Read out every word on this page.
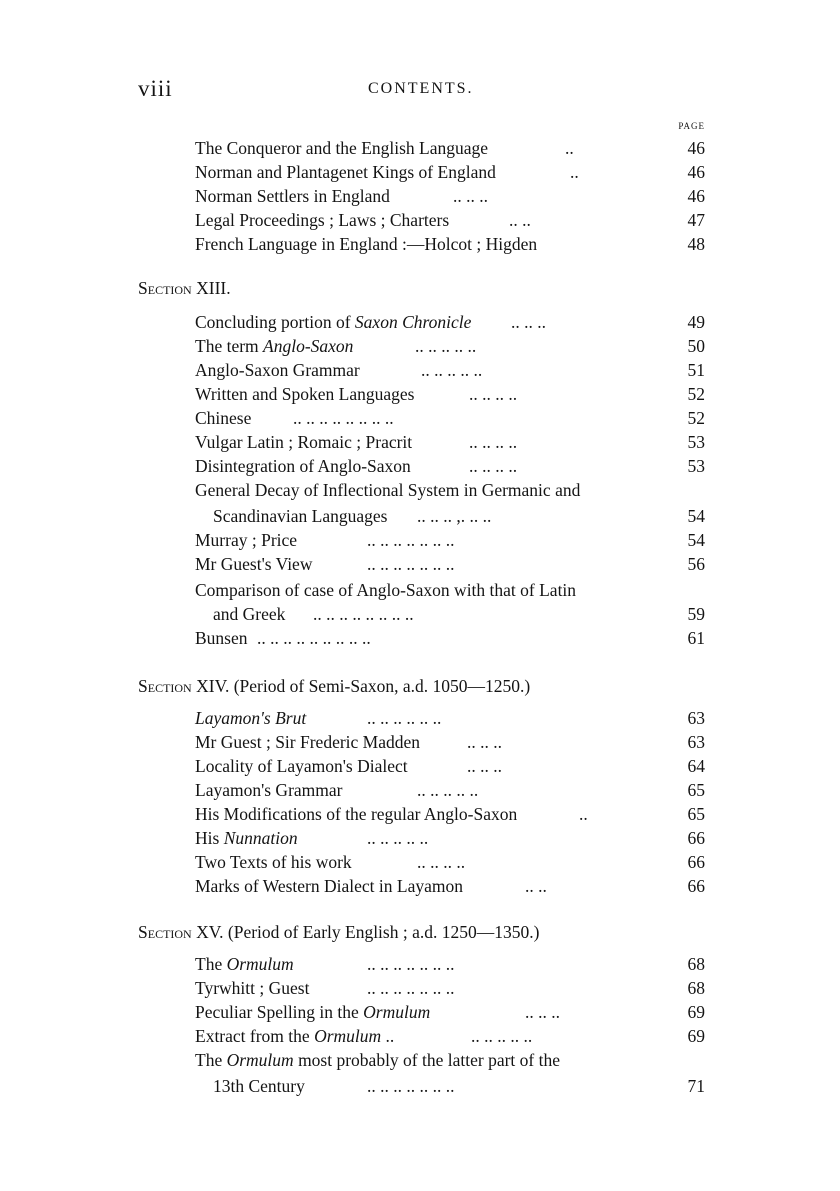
viii	CONTENTS.
PAGE
The Conqueror and the English Language	..	46
Norman and Plantagenet Kings of England	..	46
Norman Settlers in England	.. .. ..	46
Legal Proceedings ; Laws ; Charters	.. ..	47
French Language in England :—Holcot ; Higden	48
Section XIII.
Concluding portion of Saxon Chronicle .. .. ..	49
The term Anglo-Saxon	.. .. .. .. ..	50
Anglo-Saxon Grammar	.. .. .. .. ..	51
Written and Spoken Languages	.. .. .. ..	52
Chinese .. .. .. .. .. .. .. ..	52
Vulgar Latin ; Romaic ; Pracrit	.. .. .. ..	53
Disintegration of Anglo-Saxon	.. .. .. ..	53
General Decay of Inflectional System in Germanic and
Scandinavian Languages .. .. .. ,. .. ..	54
Murray ; Price	.. .. .. .. .. .. ..	54
Mr Guest's View	.. .. .. .. .. .. ..	56
Comparison of case of Anglo-Saxon with that of Latin
and Greek .. .. .. .. .. .. .. ..	59
Bunsen .. .. .. .. .. .. .. .. ..	61
Section XIV. (Period of Semi-Saxon, a.d. 1050—1250.)
Layamon's Brut	.. .. .. .. .. ..	63
Mr Guest ; Sir Frederic Madden	.. .. ..	63
Locality of Layamon's Dialect	.. .. ..	64
Layamon's Grammar	.. .. .. .. ..	65
His Modifications of the regular Anglo-Saxon	..	65
His Nunnation	.. .. .. .. ..	66
Two Texts of his work	.. .. .. ..	66
Marks of Western Dialect in Layamon	.. ..	66
Section XV. (Period of Early English ; a.d. 1250—1350.)
The Ormulum	.. .. .. .. .. .. ..	68
Tyrwhitt ; Guest	.. .. .. .. .. .. ..	68
Peculiar Spelling in the Ormulum	.. .. ..	69
Extract from the Ormulum ..	.. .. .. .. ..	69
The Ormulum most probably of the latter part of the
13th Century	.. .. .. .. .. .. ..	71
